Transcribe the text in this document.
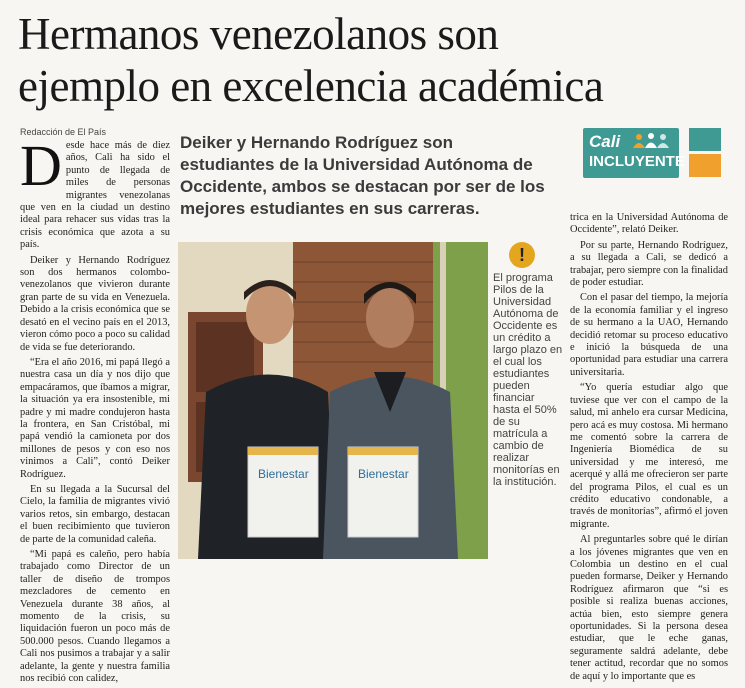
Hermanos venezolanos son
ejemplo en excelencia académica
Redacción de El País
Deiker y Hernando Rodríguez son estudiantes de la Universidad Autónoma de Occidente, ambos se destacan por ser de los mejores estudiantes en sus carreras.
Cali
INCLUYENTE

Desde hace más de diez años, Cali ha sido el punto de llegada de miles de personas migrantes venezolanas que ven en la ciudad un destino ideal para rehacer sus vidas tras la crisis económica que azota a su país.

Deiker y Hernando Rodríguez son dos hermanos colombo-venezolanos que vivieron durante gran parte de su vida en Venezuela. Debido a la crisis económica que se desató en el vecino país en el 2013, vieron cómo poco a poco su calidad de vida se fue deteriorando.

“Era el año 2016, mi papá llegó a nuestra casa un día y nos dijo que empacáramos, que íbamos a migrar, la situación ya era insostenible, mi padre y mi madre condujeron hasta la frontera, en San Cristóbal, mi papá vendió la camioneta por dos millones de pesos y con eso nos vinimos a Cali”, contó Deiker Rodríguez.

En su llegada a la Sucursal del Cielo, la familia de migrantes vivió varios retos, sin embargo, destacan el buen recibimiento que tuvieron de parte de la comunidad caleña.

“Mi papá es caleño, pero había trabajado como Director de un taller de diseño de trompos mezcladores de cemento en Venezuela durante 38 años, al momento de la crisis, su liquidación fueron un poco más de 500.000 pesos. Cuando llegamos a Cali nos pusimos a trabajar y a salir adelante, la gente y nuestra familia nos recibió con calidez,

Bienestar	Bienestar
!
El programa Pilos de la Universidad Autónoma de Occidente es un crédito a largo plazo en el cual los estudiantes pueden financiar hasta el 50% de su matrícula a cambio de realizar monitorías en la institución.

trica en la Universidad Autónoma de Occidente”, relató Deiker.

Por su parte, Hernando Rodríguez, a su llegada a Cali, se dedicó a trabajar, pero siempre con la finalidad de poder estudiar.

Con el pasar del tiempo, la mejoría de la economía familiar y el ingreso de su hermano a la UAO, Hernando decidió retomar su proceso educativo e inició la búsqueda de una oportunidad para estudiar una carrera universitaria.

“Yo quería estudiar algo que tuviese que ver con el campo de la salud, mi anhelo era cursar Medicina, pero acá es muy costosa. Mi hermano me comentó sobre la carrera de Ingeniería Biomédica de su universidad y me interesó, me acerqué y allá me ofrecieron ser parte del programa Pilos, el cual es un crédito educativo condonable, a través de monitorías”, afirmó el joven migrante.

Al preguntarles sobre qué le dirían a los jóvenes migrantes que ven en Colombia un destino en el cual pueden formarse, Deiker y Hernando Rodríguez afirmaron que “si es posible si realiza buenas acciones, actúa bien, esto siempre genera oportunidades. Si la persona desea estudiar, que le eche ganas, seguramente saldrá adelante, debe tener actitud, recordar que no somos de aquí y lo importante que es
